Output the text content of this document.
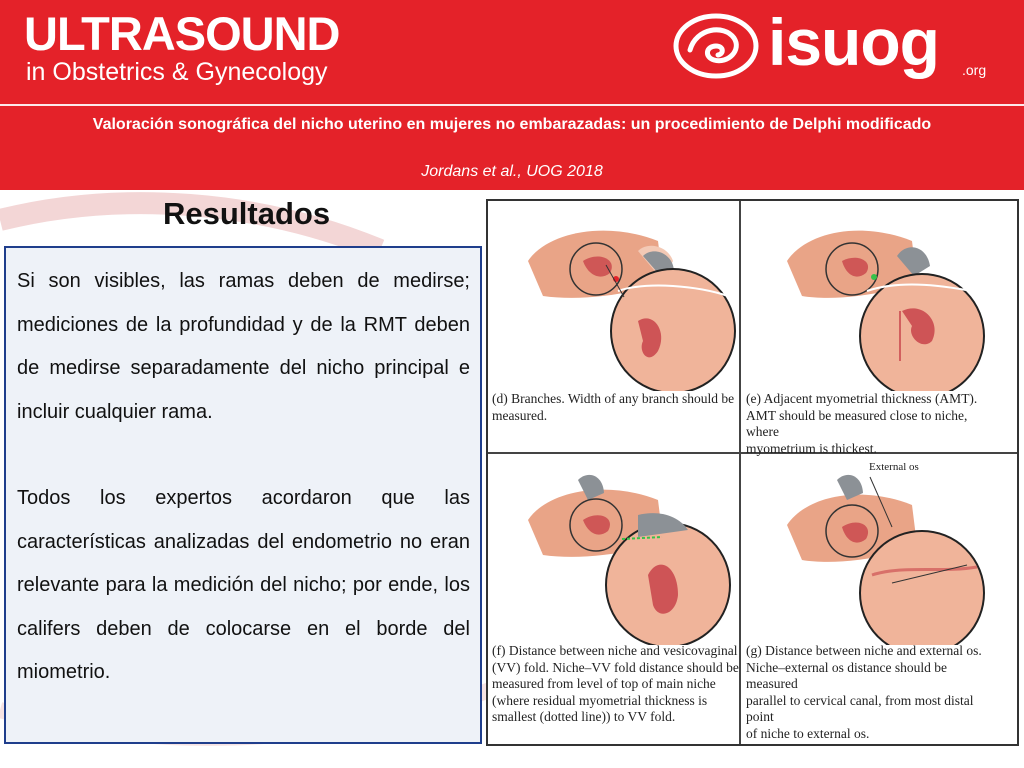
ULTRASOUND
in Obstetrics & Gynecology	isuog .org
Valoración sonográfica del nicho uterino en mujeres no embarazadas: un procedimiento de Delphi modificado
Jordans et al., UOG 2018
Resultados

Si son visibles, las ramas deben de medirse; mediciones de la profundidad y de la RMT deben de medirse separadamente del nicho principal e incluir cualquier rama.

Todos los expertos acordaron que las características analizadas del endometrio no eran relevante para la medición del nicho; por ende, los califers deben de colocarse en el borde del miometrio.

(d) Branches. Width of any branch should be
measured.
(e) Adjacent myometrial thickness (AMT).
AMT should be measured close to niche, where
myometrium is thickest.
(f) Distance between niche and vesicovaginal
(VV) fold. Niche–VV fold distance should be
measured from level of top of main niche
(where residual myometrial thickness is
smallest (dotted line)) to VV fold.
External os
(g) Distance between niche and external os.
Niche–external os distance should be measured
parallel to cervical canal, from most distal point
of niche to external os.
